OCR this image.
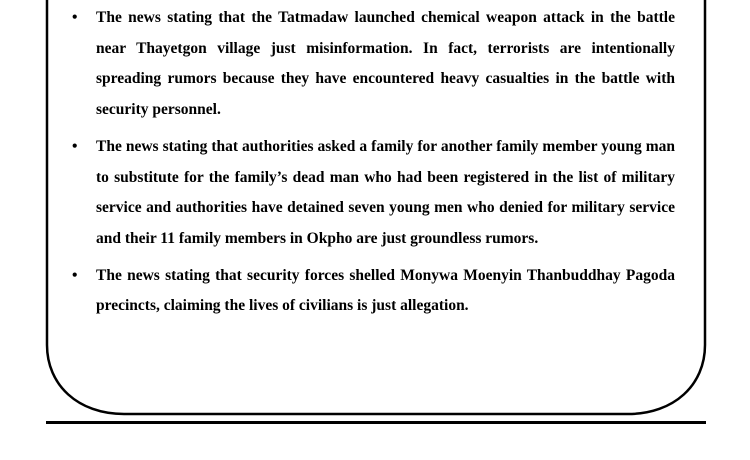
• The news stating that the Tatmadaw launched chemical weapon attack in the battle near Thayetgon village just misinformation. In fact, terrorists are intentionally spreading rumors because they have encountered heavy casualties in the battle with security personnel.
• The news stating that authorities asked a family for another family member young man to substitute for the family’s dead man who had been registered in the list of military service and authorities have detained seven young men who denied for military service and their 11 family members in Okpho are just groundless rumors.
• The news stating that security forces shelled Monywa Moenyin Thanbuddhay Pagoda precincts, claiming the lives of civilians is just allegation.
